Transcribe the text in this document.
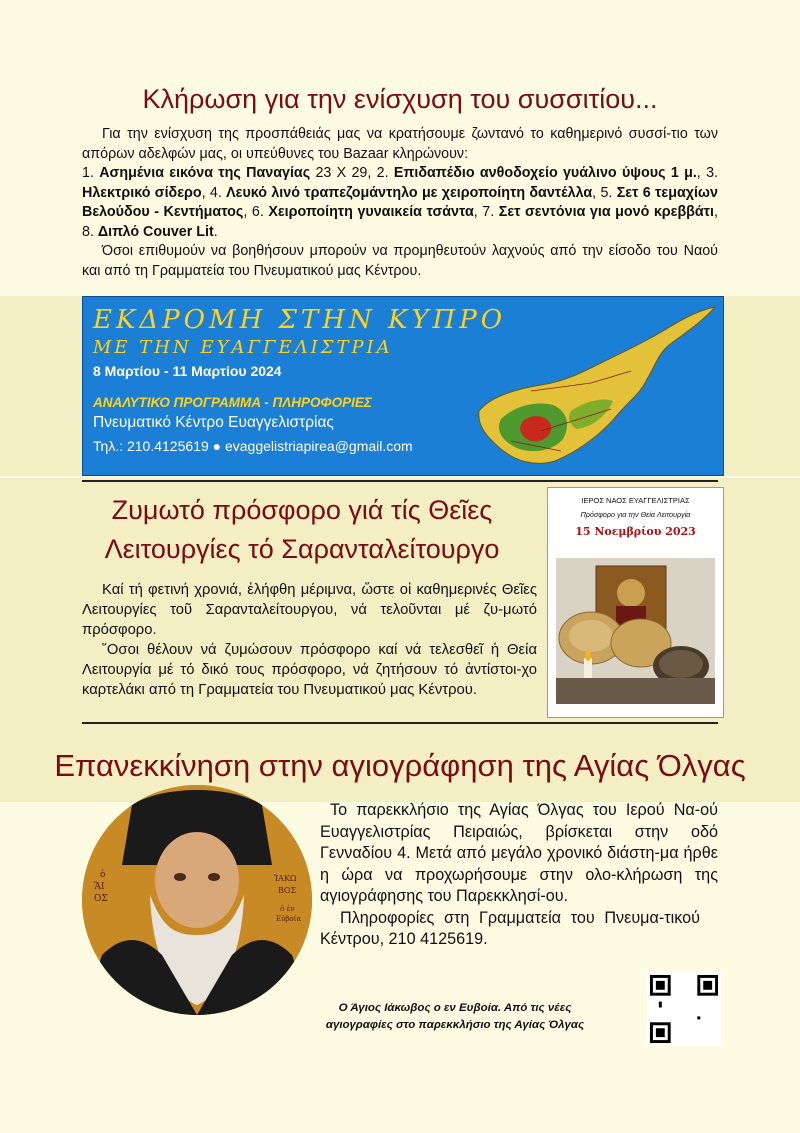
Κλήρωση για την ενίσχυση του συσσιτίου...

Για την ενίσχυση της προσπάθειάς μας να κρατήσουμε ζωντανό το καθημερινό συσσί-τιο των απόρων αδελφών μας, οι υπεύθυνες του Bazaar κληρώνουν:

1. Ασημένια εικόνα της Παναγίας 23 Χ 29, 2. Επιδαπέδιο ανθοδοχείο γυάλινο ύψους 1 μ., 3. Ηλεκτρικό σίδερο, 4. Λευκό λινό τραπεζομάντηλο με χειροποίητη δαντέλλα, 5. Σετ 6 τεμαχίων Βελούδου - Κεντήματος, 6. Χειροποίητη γυναικεία τσάντα, 7. Σετ σεντόνια για μονό κρεββάτι, 8. Διπλό Couver Lit.

Όσοι επιθυμούν να βοηθήσουν μπορούν να προμηθευτούν λαχνούς από την είσοδο του Ναού και από τη Γραμματεία του Πνευματικού μας Κέντρου.

ΕΚΔΡΟΜΗ ΣΤΗΝ ΚΥΠΡΟ
ΜΕ ΤΗΝ ΕΥΑΓΓΕΛΙΣΤΡΙΑ
8 Μαρτίου - 11 Μαρτίου 2024
ΑΝΑΛΥΤΙΚΟ ΠΡΟΓΡΑΜΜΑ - ΠΛΗΡΟΦΟΡΙΕΣ
Πνευματικό Κέντρο Ευαγγελιστρίας
Τηλ.: 210.4125619 ● evaggelistriapirea@gmail.com
Ζυμωτό πρόσφορο γιά τίς Θεῖες
Λειτουργίες τό Σαρανταλείτουργο

Καί τή φετινή χρονιά, ἐλήφθη μέριμνα, ὥστε οἱ καθημερινές Θεῖες Λειτουργίες τοῦ Σαρανταλείτουργου, νά τελοῦνται μέ ζυ-μωτό πρόσφορο.

῞Οσοι θέλουν νά ζυμώσουν πρόσφορο καί νά τελεσθεῖ ἡ Θεία Λειτουργία μέ τό δικό τους πρόσφορο, νά ζητήσουν τό ἀντίστοι-χο καρτελάκι από τη Γραμματεία του Πνευματικού μας Κέντρου.

ΙΕΡΟΣ ΝΑΟΣ ΕΥΑΓΓΕΛΙΣΤΡΙΑΣ
Πρόσφορο για την Θεία Λειτουργία
15 Νοεμβρίου 2023
Επανεκκίνηση στην αγιογράφηση της Αγίας Όλγας
ὁ
ἍΙ
ΟΣ
ἸΑΚΩ
ΒΟΣ
ὁ ἐν
Εὐβοία

Το παρεκκλήσιο της Αγίας Όλγας του Ιερού Να-ού Ευαγγελιστρίας Πειραιώς, βρίσκεται στην οδό Γενναδίου 4. Μετά από μεγάλο χρονικό διάστη-μα ήρθε η ώρα να προχωρήσουμε στην ολο-κλήρωση της αγιογράφησης του Παρεκκλησί-ου.

Πληροφορίες στη Γραμματεία του Πνευμα-τικού Κέντρου, 210 4125619.

Ο Άγιος Ιάκωβος ο εν Ευβοία. Από τις νέες
αγιογραφίες στο παρεκκλήσιο της Αγίας Όλγας
